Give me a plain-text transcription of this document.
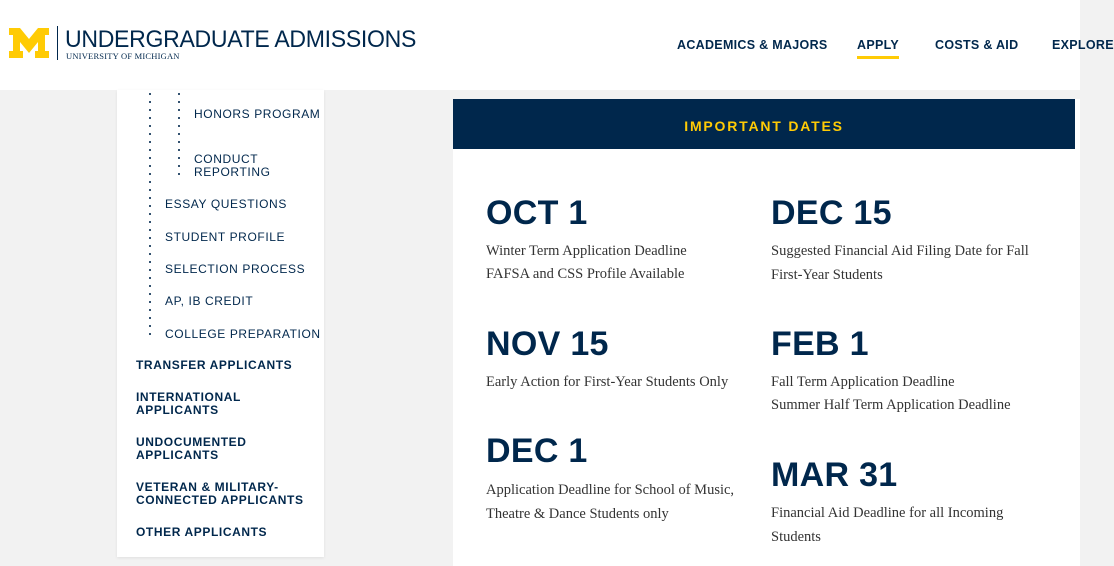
UNDERGRADUATE ADMISSIONS
UNIVERSITY OF MICHIGAN
ACADEMICS & MAJORS APPLY	COSTS & AID	EXPLORE
HONORS PROGRAM
CONDUCT REPORTING
ESSAY QUESTIONS
STUDENT PROFILE
SELECTION PROCESS
AP, IB CREDIT
COLLEGE PREPARATION
TRANSFER APPLICANTS
INTERNATIONAL APPLICANTS
UNDOCUMENTED APPLICANTS
VETERAN & MILITARY-CONNECTED APPLICANTS
OTHER APPLICANTS
IMPORTANT DATES
OCT 1
Winter Term Application Deadline
FAFSA and CSS Profile Available
NOV 15
Early Action for First-Year Students Only
DEC 1
Application Deadline for School of Music, Theatre & Dance Students only
DEC 15
Suggested Financial Aid Filing Date for Fall First-Year Students
FEB 1
Fall Term Application Deadline
Summer Half Term Application Deadline
MAR 31
Financial Aid Deadline for all Incoming Students
